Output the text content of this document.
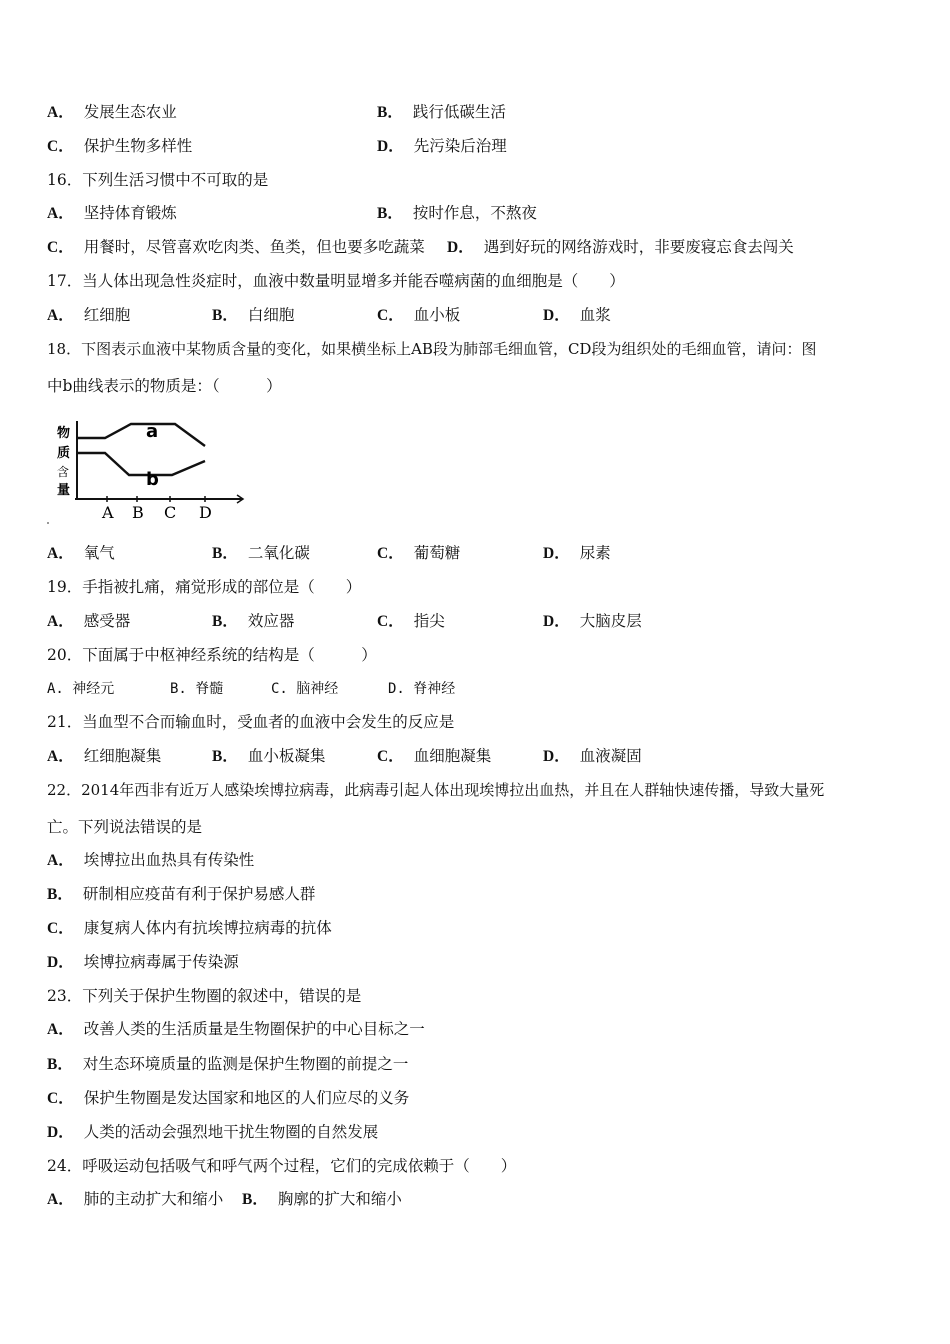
A． 发展生态农业	B． 践行低碳生活
C． 保护生物多样性	D． 先污染后治理
16．下列生活习惯中不可取的是
A． 坚持体育锻炼	B． 按时作息，不熬夜
C． 用餐时，尽管喜欢吃肉类、鱼类，但也要多吃蔬菜 D． 遇到好玩的网络游戏时，非要废寝忘食去闯关
17．当人体出现急性炎症时，血液中数量明显增多并能吞噬病菌的血细胞是（　　）
A． 红细胞	B． 白细胞	C． 血小板	D． 血浆
18．下图表示血液中某物质含量的变化，如果横坐标上AB段为肺部毛细血管，CD段为组织处的毛细血管，请问：图
中b曲线表示的物质是：（　　　）
物
质
含
量
a
b
A B C D
A． 氧气	B． 二氧化碳	C． 葡萄糖	D． 尿素
19．手指被扎痛，痛觉形成的部位是（　　）
A． 感受器	B． 效应器	C． 指尖	D． 大脑皮层
20．下面属于中枢神经系统的结构是（　　　）
A. 神经元	B. 脊髓	C. 脑神经	D. 脊神经
21．当血型不合而输血时，受血者的血液中会发生的反应是
A． 红细胞凝集	B． 血小板凝集	C． 血细胞凝集	D． 血液凝固
22．2014年西非有近万人感染埃博拉病毒，此病毒引起人体出现埃博拉出血热，并且在人群轴快速传播，导致大量死
亡。下列说法错误的是
A． 埃博拉出血热具有传染性
B． 研制相应疫苗有利于保护易感人群
C． 康复病人体内有抗埃博拉病毒的抗体
D． 埃博拉病毒属于传染源
23．下列关于保护生物圈的叙述中，错误的是
A． 改善人类的生活质量是生物圈保护的中心目标之一
B． 对生态环境质量的监测是保护生物圈的前提之一
C． 保护生物圈是发达国家和地区的人们应尽的义务
D． 人类的活动会强烈地干扰生物圈的自然发展
24．呼吸运动包括吸气和呼气两个过程，它们的完成依赖于（　　）
A． 肺的主动扩大和缩小 B． 胸廓的扩大和缩小
